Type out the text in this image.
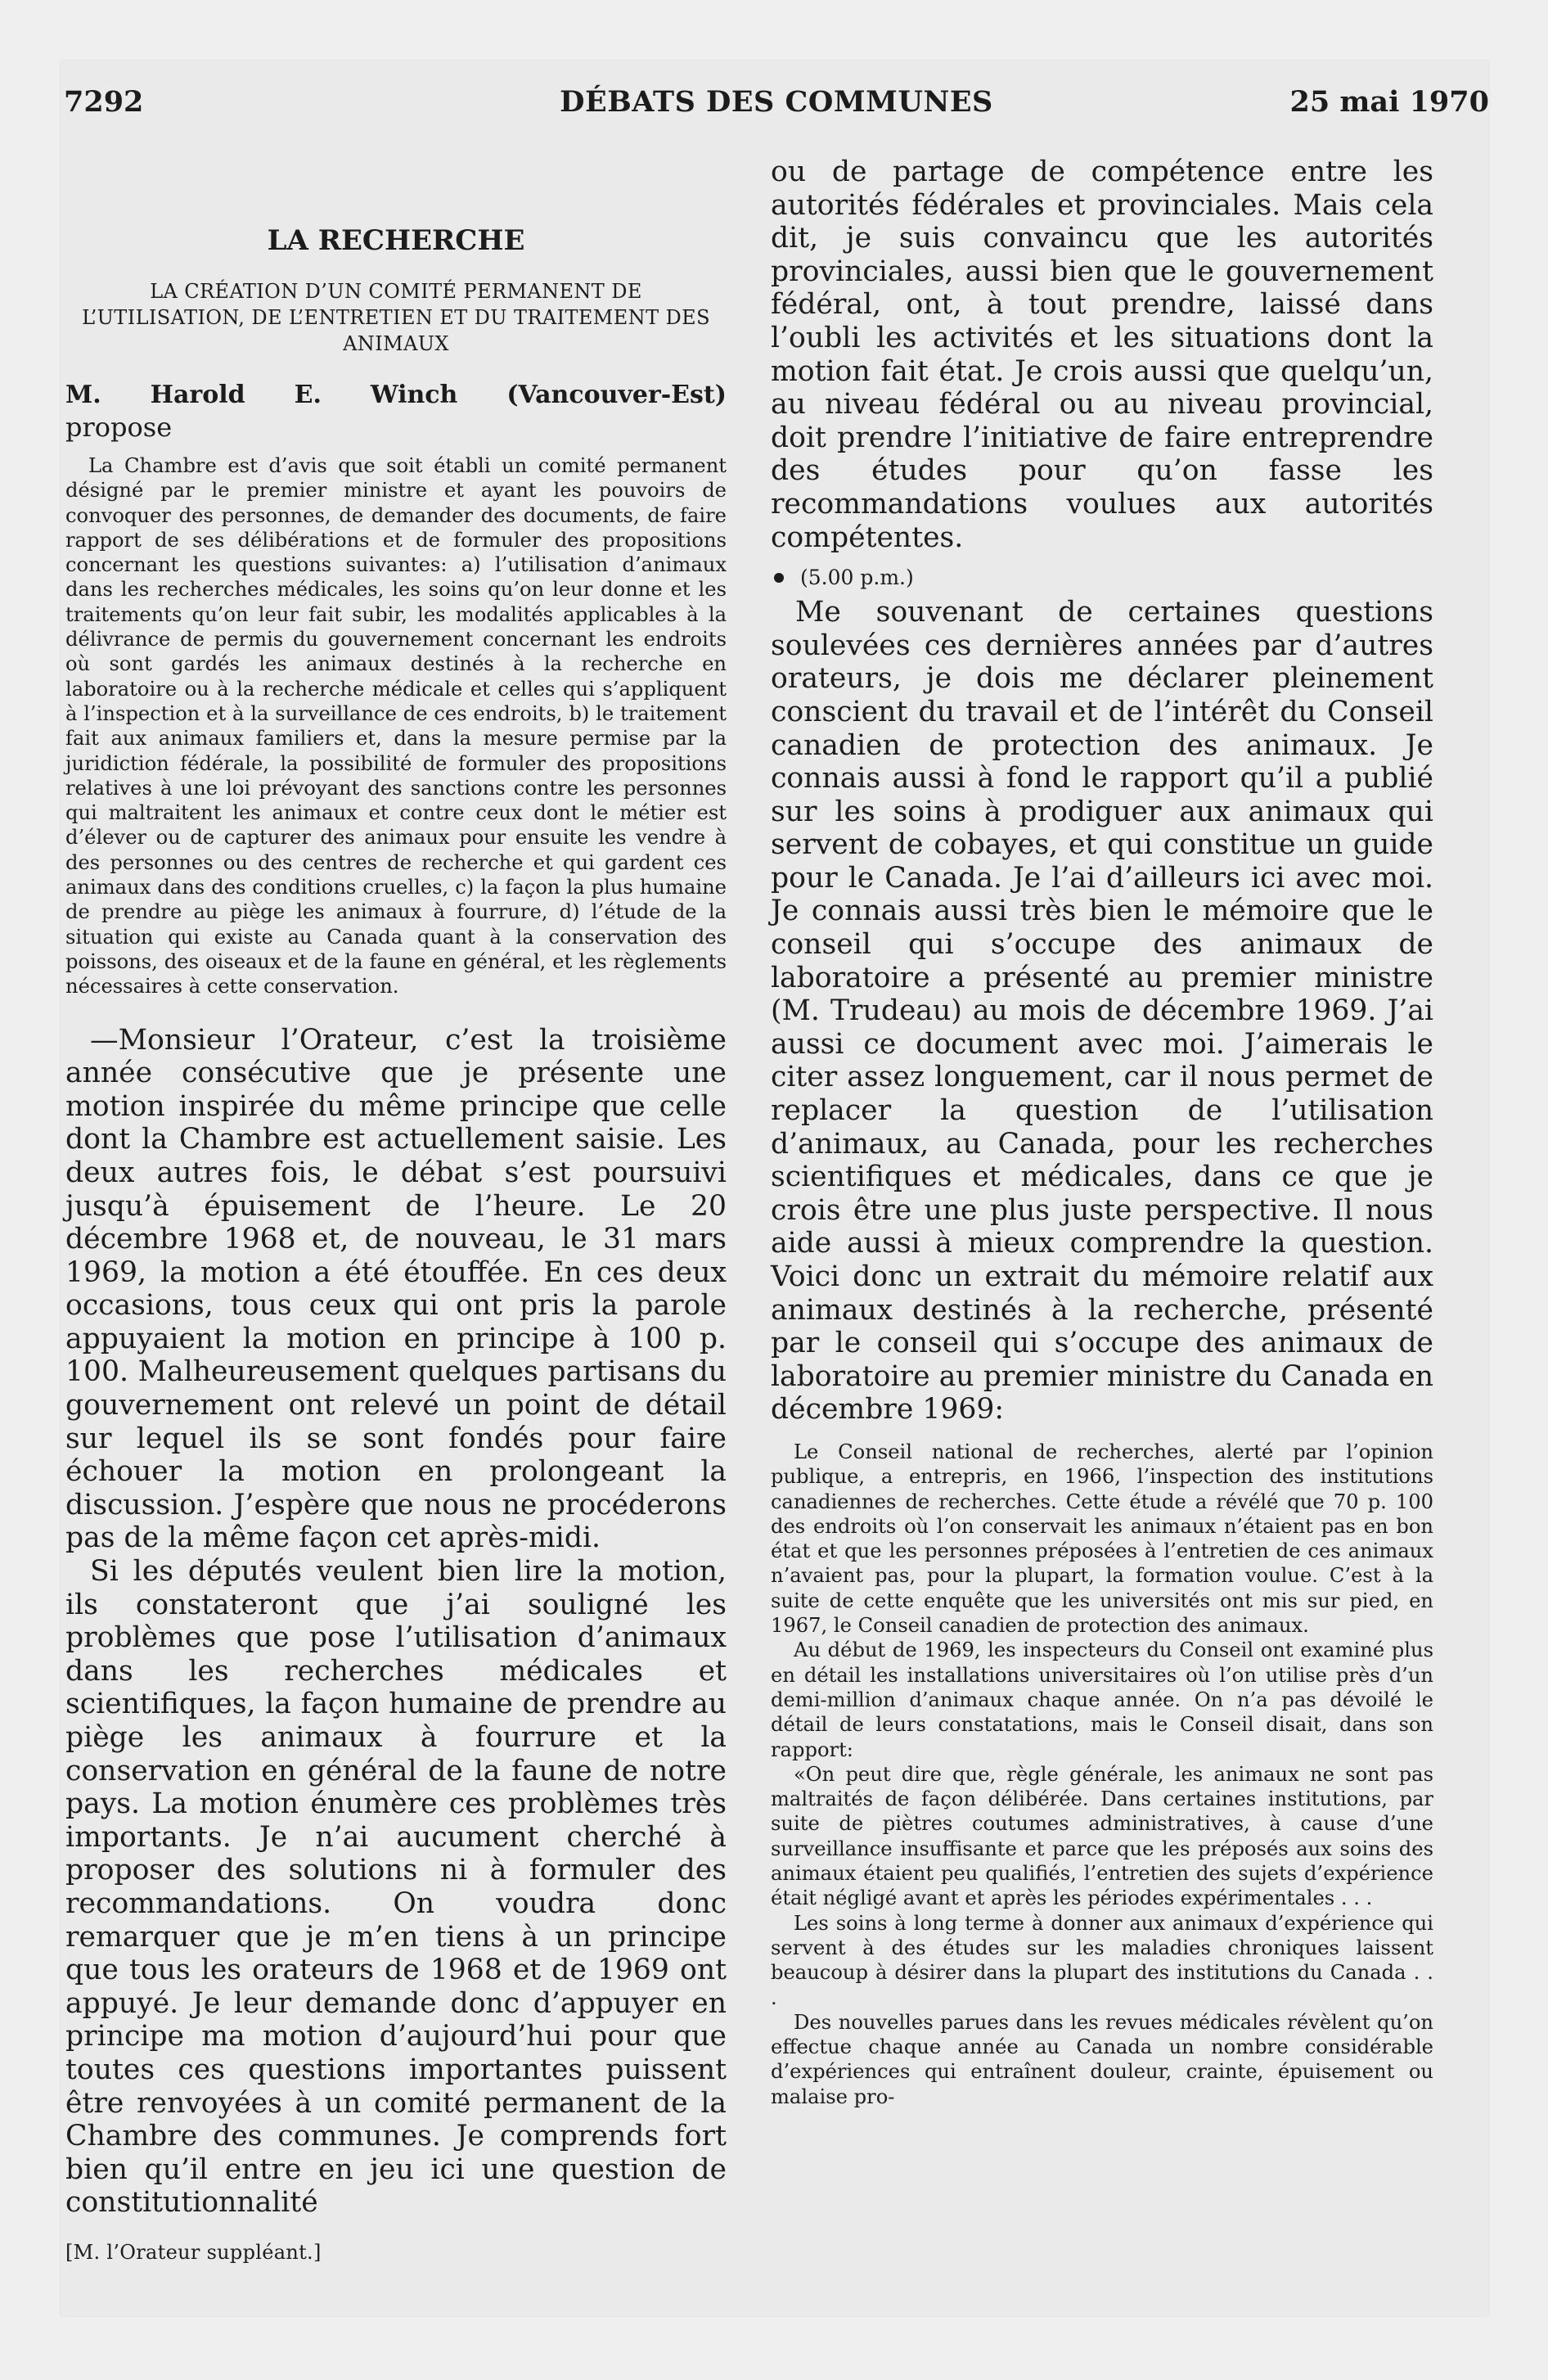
7292	DÉBATS DES COMMUNES	25 mai 1970
LA RECHERCHE
LA CRÉATION D’UN COMITÉ PERMANENT DE L’UTILISATION, DE L’ENTRETIEN ET DU TRAITEMENT DES ANIMAUX
M. Harold E. Winch (Vancouver-Est)
propose

La Chambre est d’avis que soit établi un comité permanent désigné par le premier ministre et ayant les pouvoirs de convoquer des personnes, de demander des documents, de faire rapport de ses délibérations et de formuler des propositions concernant les questions suivantes: a) l’utilisation d’animaux dans les recherches médicales, les soins qu’on leur donne et les traitements qu’on leur fait subir, les modalités applicables à la délivrance de permis du gouvernement concernant les endroits où sont gardés les animaux destinés à la recherche en laboratoire ou à la recherche médicale et celles qui s’appliquent à l’inspection et à la surveillance de ces endroits, b) le traitement fait aux animaux familiers et, dans la mesure permise par la juridiction fédérale, la possibilité de formuler des propositions relatives à une loi prévoyant des sanctions contre les personnes qui maltraitent les animaux et contre ceux dont le métier est d’élever ou de capturer des animaux pour ensuite les vendre à des personnes ou des centres de recherche et qui gardent ces animaux dans des conditions cruelles, c) la façon la plus humaine de prendre au piège les animaux à fourrure, d) l’étude de la situation qui existe au Canada quant à la conservation des poissons, des oiseaux et de la faune en général, et les règlements nécessaires à cette conservation.

—Monsieur l’Orateur, c’est la troisième année consécutive que je présente une motion inspirée du même principe que celle dont la Chambre est actuellement saisie. Les deux autres fois, le débat s’est poursuivi jusqu’à épuisement de l’heure. Le 20 décembre 1968 et, de nouveau, le 31 mars 1969, la motion a été étouffée. En ces deux occasions, tous ceux qui ont pris la parole appuyaient la motion en principe à 100 p. 100. Malheureusement quelques partisans du gouvernement ont relevé un point de détail sur lequel ils se sont fondés pour faire échouer la motion en prolongeant la discussion. J’espère que nous ne procéderons pas de la même façon cet après-midi.

Si les députés veulent bien lire la motion, ils constateront que j’ai souligné les problèmes que pose l’utilisation d’animaux dans les recherches médicales et scientifiques, la façon humaine de prendre au piège les animaux à fourrure et la conservation en général de la faune de notre pays. La motion énumère ces problèmes très importants. Je n’ai aucument cherché à proposer des solutions ni à formuler des recommandations. On voudra donc remarquer que je m’en tiens à un principe que tous les orateurs de 1968 et de 1969 ont appuyé. Je leur demande donc d’appuyer en principe ma motion d’aujourd’hui pour que toutes ces questions importantes puissent être renvoyées à un comité permanent de la Chambre des communes. Je comprends fort bien qu’il entre en jeu ici une question de constitutionnalité

[M. l’Orateur suppléant.]

ou de partage de compétence entre les autorités fédérales et provinciales. Mais cela dit, je suis convaincu que les autorités provinciales, aussi bien que le gouvernement fédéral, ont, à tout prendre, laissé dans l’oubli les activités et les situations dont la motion fait état. Je crois aussi que quelqu’un, au niveau fédéral ou au niveau provincial, doit prendre l’initiative de faire entreprendre des études pour qu’on fasse les recommandations voulues aux autorités compétentes.

(5.00 p.m.)

Me souvenant de certaines questions soulevées ces dernières années par d’autres orateurs, je dois me déclarer pleinement conscient du travail et de l’intérêt du Conseil canadien de protection des animaux. Je connais aussi à fond le rapport qu’il a publié sur les soins à prodiguer aux animaux qui servent de cobayes, et qui constitue un guide pour le Canada. Je l’ai d’ailleurs ici avec moi. Je connais aussi très bien le mémoire que le conseil qui s’occupe des animaux de laboratoire a présenté au premier ministre (M. Trudeau) au mois de décembre 1969. J’ai aussi ce document avec moi. J’aimerais le citer assez longuement, car il nous permet de replacer la question de l’utilisation d’animaux, au Canada, pour les recherches scientifiques et médicales, dans ce que je crois être une plus juste perspective. Il nous aide aussi à mieux comprendre la question. Voici donc un extrait du mémoire relatif aux animaux destinés à la recherche, présenté par le conseil qui s’occupe des animaux de laboratoire au premier ministre du Canada en décembre 1969:

Le Conseil national de recherches, alerté par l’opinion publique, a entrepris, en 1966, l’inspection des institutions canadiennes de recherches. Cette étude a révélé que 70 p. 100 des endroits où l’on conservait les animaux n’étaient pas en bon état et que les personnes préposées à l’entretien de ces animaux n’avaient pas, pour la plupart, la formation voulue. C’est à la suite de cette enquête que les universités ont mis sur pied, en 1967, le Conseil canadien de protection des animaux.

Au début de 1969, les inspecteurs du Conseil ont examiné plus en détail les installations universitaires où l’on utilise près d’un demi-million d’animaux chaque année. On n’a pas dévoilé le détail de leurs constatations, mais le Conseil disait, dans son rapport:

«On peut dire que, règle générale, les animaux ne sont pas maltraités de façon délibérée. Dans certaines institutions, par suite de piètres coutumes administratives, à cause d’une surveillance insuffisante et parce que les préposés aux soins des animaux étaient peu qualifiés, l’entretien des sujets d’expérience était négligé avant et après les périodes expérimentales . . .

Les soins à long terme à donner aux animaux d’expérience qui servent à des études sur les maladies chroniques laissent beaucoup à désirer dans la plupart des institutions du Canada . . .

Des nouvelles parues dans les revues médicales révèlent qu’on effectue chaque année au Canada un nombre considérable d’expériences qui entraînent douleur, crainte, épuisement ou malaise pro-
